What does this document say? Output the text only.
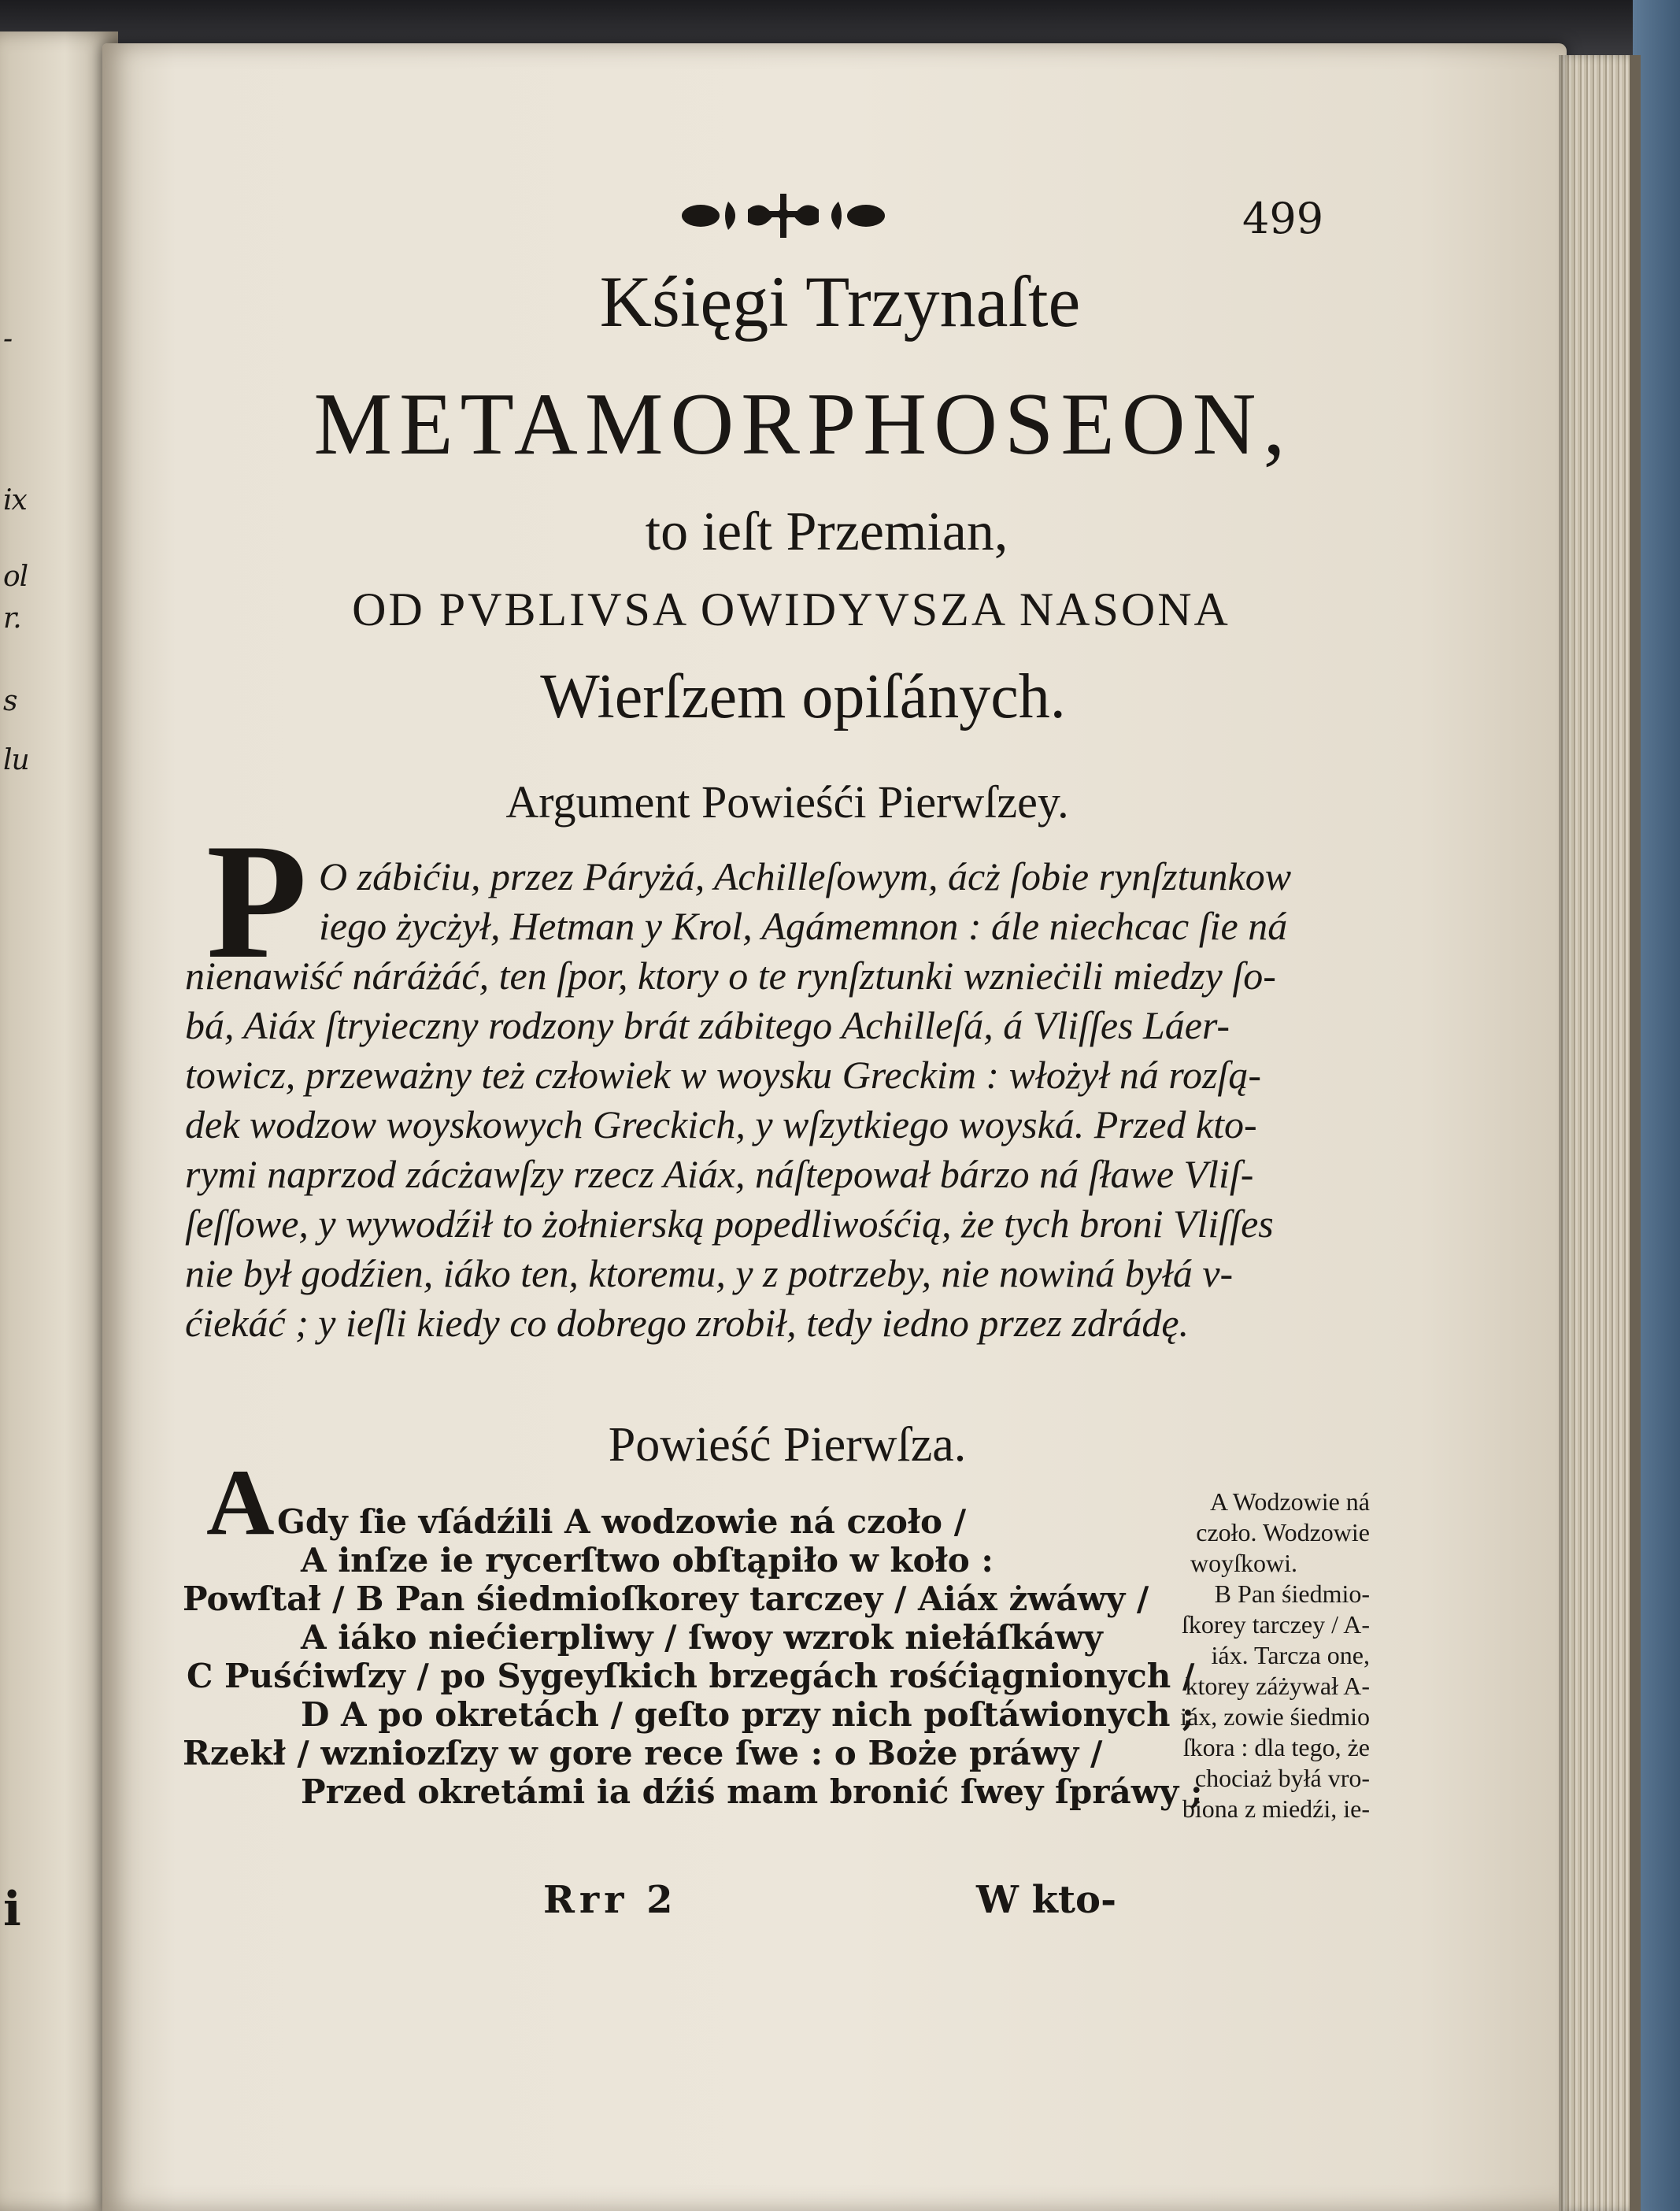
-
ix
ol
r.
s
lu
i
499
Kśięgi Trzynaſte
METAMORPHOSEON,
to ieſt Przemian,
OD PVBLIVSA OWIDYVSZA NASONA
Wierſzem opiſánych.
Argument Powieśći Pierwſzey.
P O zábićiu, przez Páryżá, Achilleſowym, ácż ſobie rynſztunkow
iego życżył, Hetman y Krol, Agámemnon : ále niechcac ſie ná
nienawiść náráżáć, ten ſpor, ktory o te rynſztunki wznieċili miedzy ſo-
bá, Aiáx ſtryieczny rodzony brát zábitego Achilleſá, á Vliſſes Láer-
towicz, przeważny też człowiek w woysku Greckim : włożył ná rozſą-
dek wodzow woyskowych Greckich, y wſzytkiego woyská. Przed kto-
rymi naprzod zácżawſzy rzecz Aiáx, náſtepował bárzo ná ſławe Vliſ-
ſeſſowe, y wywodźił to żołnierską popedliwośćią, że tych broni Vliſſes
nie był godźien, iáko ten, ktoremu, y z potrzeby, nie nowiná byłá v-
ćiekáć ; y ieſli kiedy co dobrego zrobił, tedy iedno przez zdrádę.
Powieść Pierwſza.
A Gdy ſie vſádźili A wodzowie ná czoło /
A inſze ie rycerſtwo obſtąpiło w koło :
Powſtał / B Pan śiedmioſkorey tarczey / Aiáx żwáwy /
A iáko niećierpliwy / ſwoy wzrok niełáſkáwy
C Puśćiwſzy / po Sygeyſkich brzegách rośćiągnionych /
D A po okretách / geſto przy nich poſtáwionych ;
Rzekł / wzniozſzy w gore rece ſwe : o Boże práwy /
Przed okretámi ia dźiś mam bronić ſwey ſpráwy ;
A Wodzowie ná
czoło. Wodzowie
woyſkowi.
B Pan śiedmio-
ſkorey tarczey / A-
iáx. Tarcza one,
ktorey záżywał A-
iáx, zowie śiedmio
ſkora : dla tego, że
chociaż byłá vro-
biona z miedźi, ie-
Rrr 2	W kto-
